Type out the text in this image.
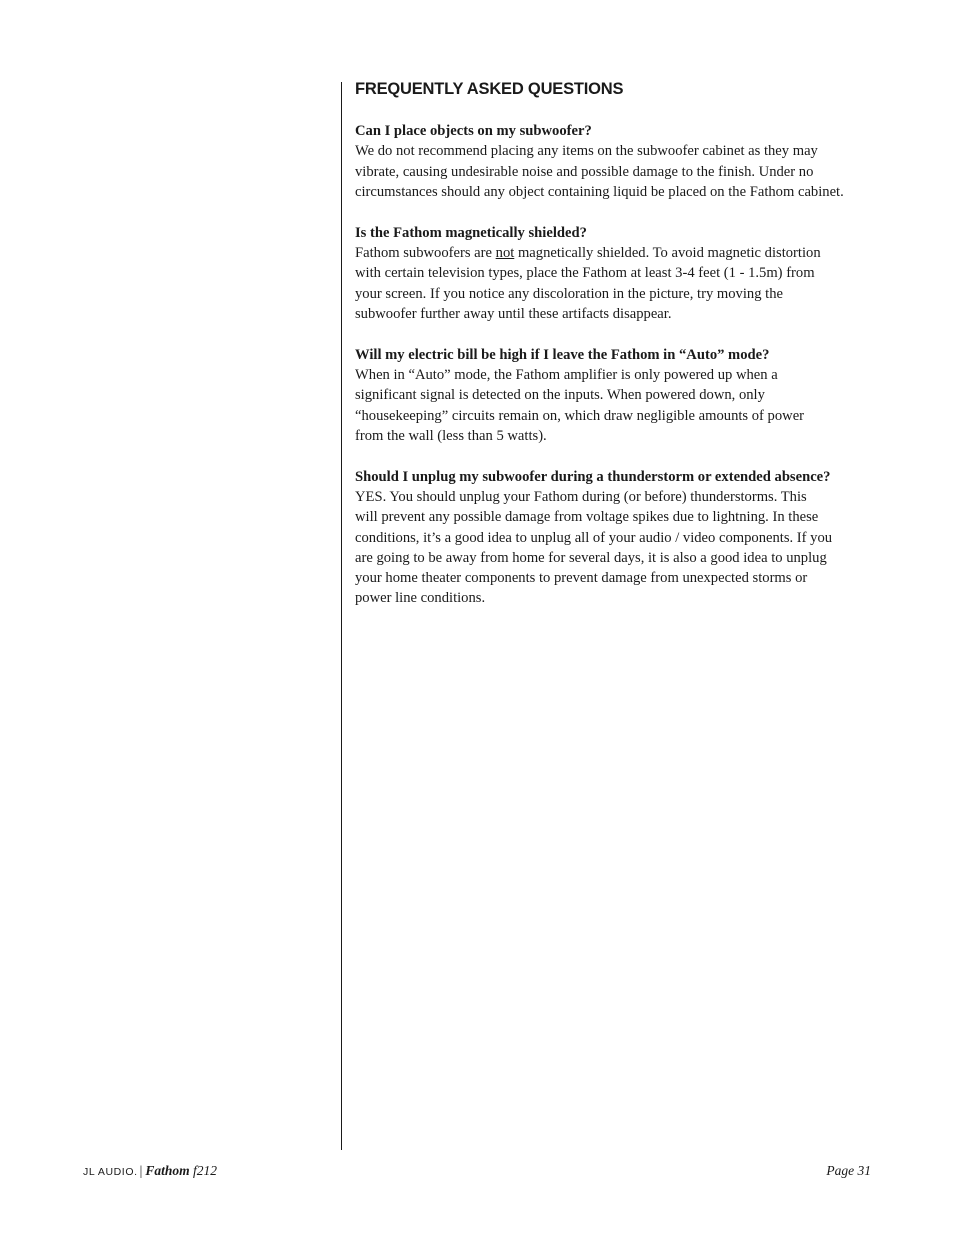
FREQUENTLY ASKED QUESTIONS

Can I place objects on my subwoofer?

We do not recommend placing any items on the subwoofer cabinet as they may
vibrate, causing undesirable noise and possible damage to the finish. Under no
circumstances should any object containing liquid be placed on the Fathom cabinet.

Is the Fathom magnetically shielded?

Fathom subwoofers are not magnetically shielded. To avoid magnetic distortion
with certain television types, place the Fathom at least 3-4 feet (1 - 1.5m) from
your screen. If you notice any discoloration in the picture, try moving the
subwoofer further away until these artifacts disappear.

Will my electric bill be high if I leave the Fathom in “Auto” mode?

When in “Auto” mode, the Fathom amplifier is only powered up when a
significant signal is detected on the inputs. When powered down, only
“housekeeping” circuits remain on, which draw negligible amounts of power
from the wall (less than 5 watts).

Should I unplug my subwoofer during a thunderstorm or extended absence?

YES. You should unplug your Fathom during (or before) thunderstorms. This
will prevent any possible damage from voltage spikes due to lightning. In these
conditions, it’s a good idea to unplug all of your audio / video components. If you
are going to be away from home for several days, it is also a good idea to unplug
your home theater components to prevent damage from unexpected storms or
power line conditions.

JL AUDIO. | Fathom f212	Page 31
